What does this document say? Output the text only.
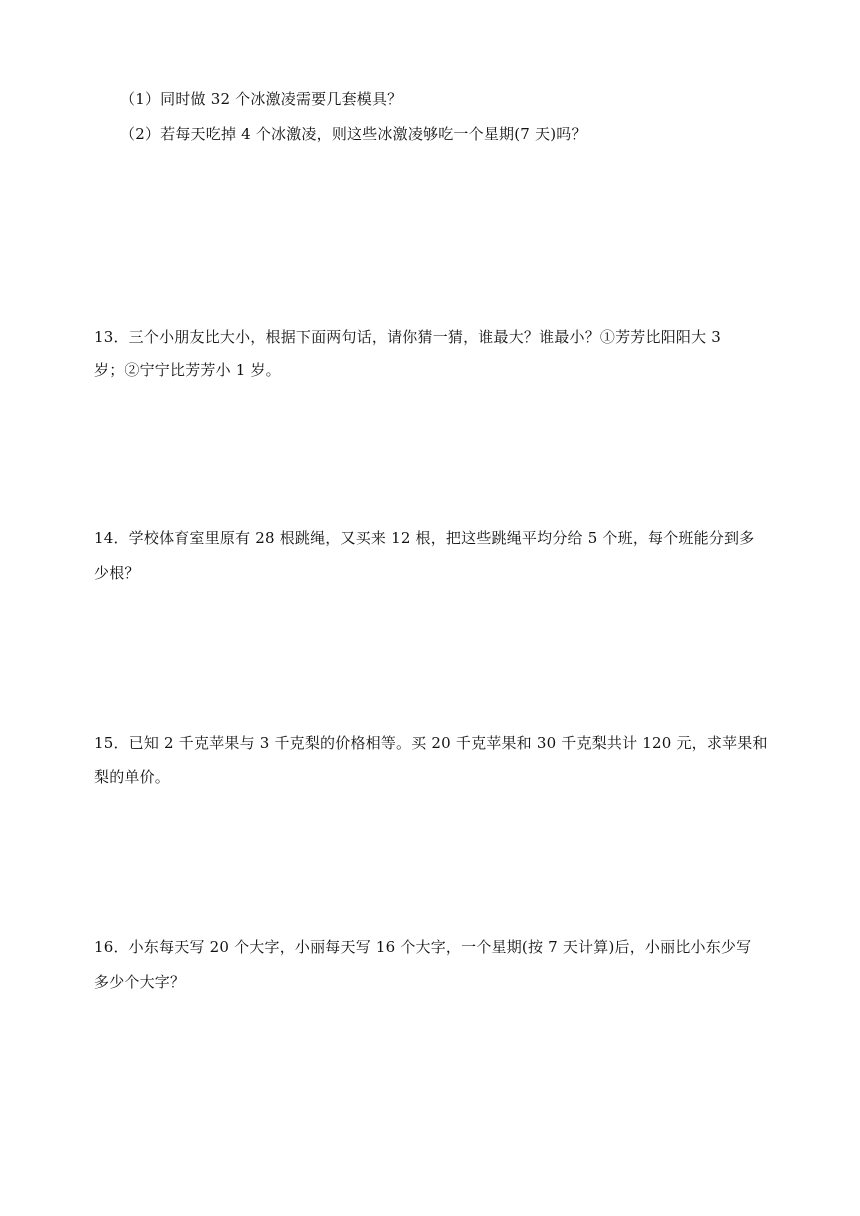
（1）同时做 32 个冰激凌需要几套模具？
（2）若每天吃掉 4 个冰激凌，则这些冰激凌够吃一个星期(7 天)吗？
13．三个小朋友比大小，根据下面两句话，请你猜一猜，谁最大？谁最小？①芳芳比阳阳大 3
岁；②宁宁比芳芳小 1 岁。
14．学校体育室里原有 28 根跳绳，又买来 12 根，把这些跳绳平均分给 5 个班，每个班能分到多
少根？
15．已知 2 千克苹果与 3 千克梨的价格相等。买 20 千克苹果和 30 千克梨共计 120 元，求苹果和
梨的单价。
16．小东每天写 20 个大字，小丽每天写 16 个大字，一个星期(按 7 天计算)后，小丽比小东少写
多少个大字？
